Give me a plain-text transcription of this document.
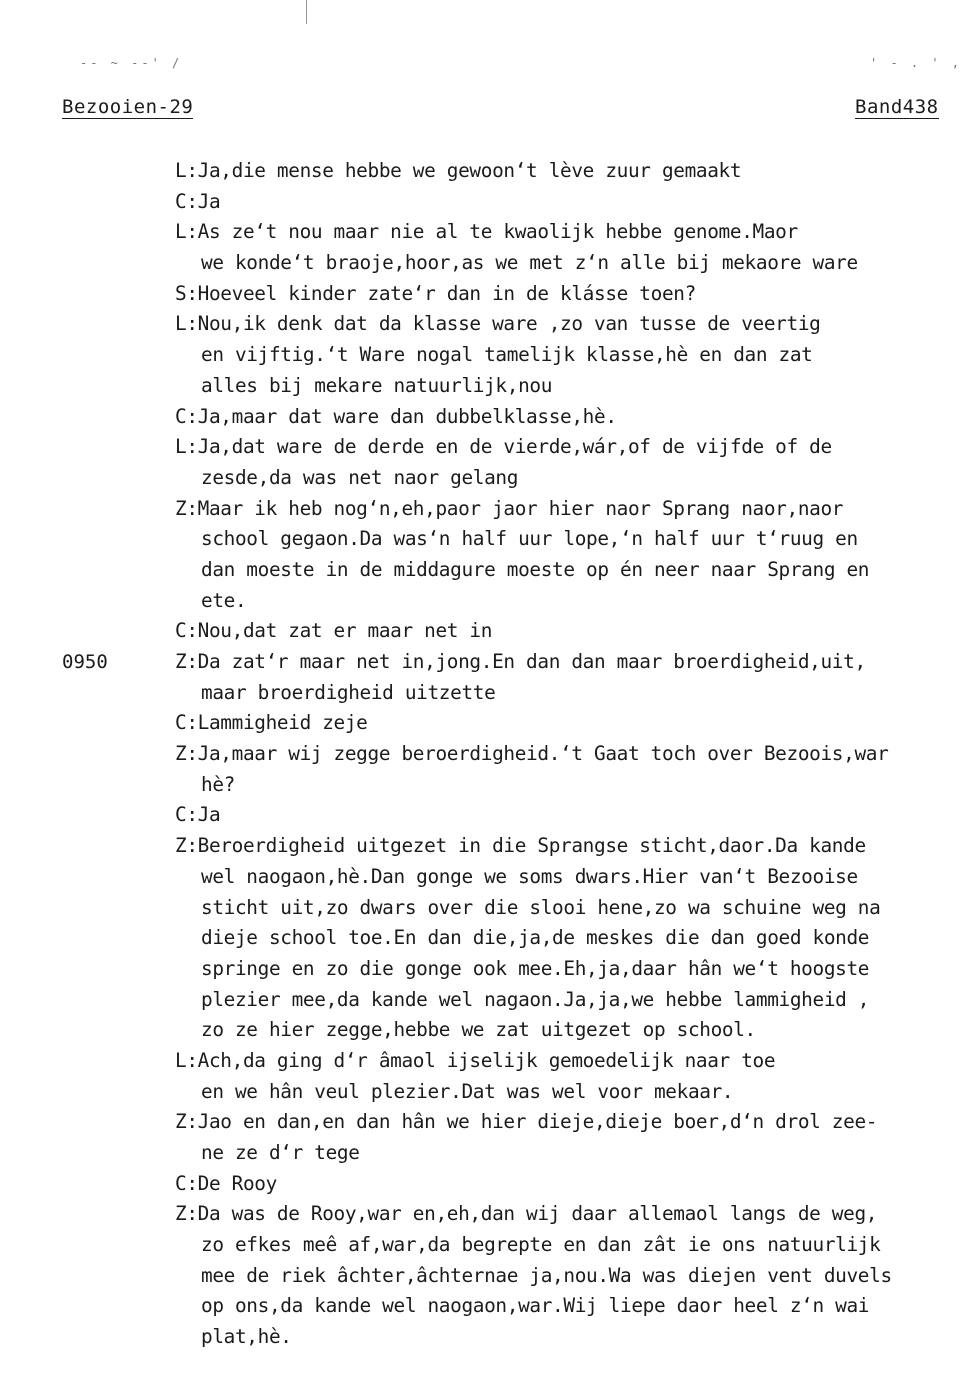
-- ~ --' /	' - . ' ,
Bezooien-29	Band438
L:Ja,die mense hebbe we gewoon‘t lève zuur gemaakt
C:Ja
L:As ze‘t nou maar nie al te kwaolijk hebbe genome.Maor
we konde‘t braoje,hoor,as we met z‘n alle bij mekaore ware
S:Hoeveel kinder zate‘r dan in de klásse toen?
L:Nou,ik denk dat da klasse ware ,zo van tusse de veertig
en vijftig.‘t Ware nogal tamelijk klasse,hè en dan zat
alles bij mekare natuurlijk,nou
C:Ja,maar dat ware dan dubbelklasse,hè.
L:Ja,dat ware de derde en de vierde,wár,of de vijfde of de
zesde,da was net naor gelang
Z:Maar ik heb nog‘n,eh,paor jaor hier naor Sprang naor,naor
school gegaon.Da was‘n half uur lope,‘n half uur t‘ruug en
dan moeste in de middagure moeste op én neer naar Sprang en
ete.
C:Nou,dat zat er maar net in
0950	Z:Da zat‘r maar net in,jong.En dan dan maar broerdigheid,uit,
maar broerdigheid uitzette
C:Lammigheid zeje
Z:Ja,maar wij zegge beroerdigheid.‘t Gaat toch over Bezoois,war
hè?
C:Ja
Z:Beroerdigheid uitgezet in die Sprangse sticht,daor.Da kande
wel naogaon,hè.Dan gonge we soms dwars.Hier van‘t Bezooise
sticht uit,zo dwars over die slooi hene,zo wa schuine weg na
dieje school toe.En dan die,ja,de meskes die dan goed konde
springe en zo die gonge ook mee.Eh,ja,daar hân we‘t hoogste
plezier mee,da kande wel nagaon.Ja,ja,we hebbe lammigheid ,
zo ze hier zegge,hebbe we zat uitgezet op school.
L:Ach,da ging d‘r âmaol ijselijk gemoedelijk naar toe
en we hân veul plezier.Dat was wel voor mekaar.
Z:Jao en dan,en dan hân we hier dieje,dieje boer,d‘n drol zee-
ne ze d‘r tege
C:De Rooy
Z:Da was de Rooy,war en,eh,dan wij daar allemaol langs de weg,
zo efkes meê af,war,da begrepte en dan zât ie ons natuurlijk
mee de riek âchter,âchternae ja,nou.Wa was diejen vent duvels
op ons,da kande wel naogaon,war.Wij liepe daor heel z‘n wai
plat,hè.
